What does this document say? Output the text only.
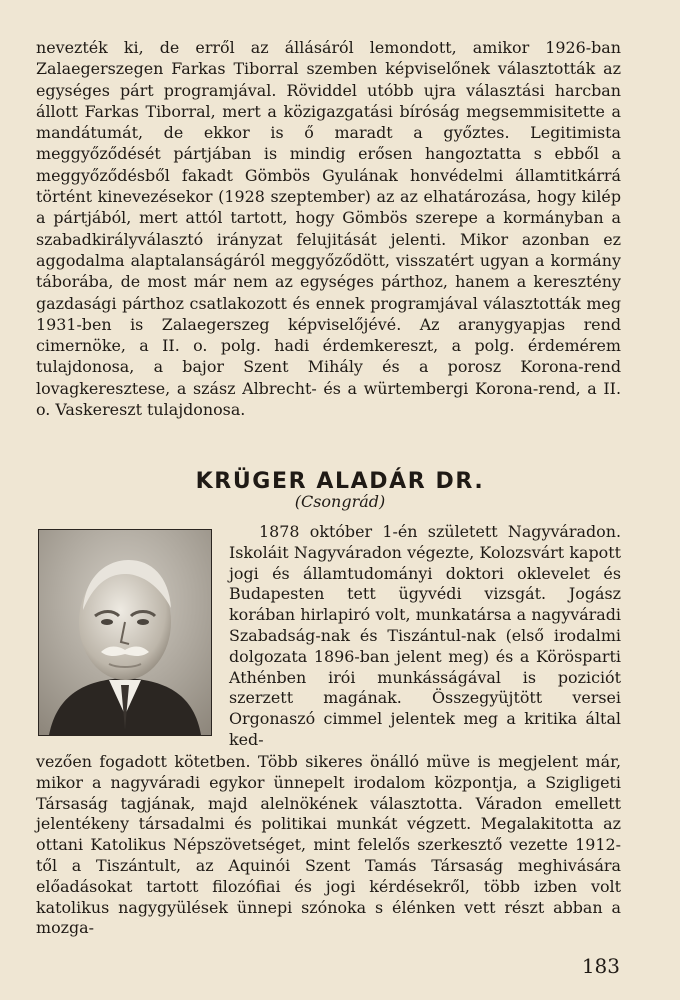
nevezték ki, de erről az állásáról lemondott, amikor 1926-ban Zalaegerszegen Farkas Tiborral szemben képviselőnek választották az egységes párt programjával. Röviddel utóbb ujra választási harcban állott Farkas Tiborral, mert a közigazgatási bíróság megsemmisitette a mandátumát, de ekkor is ő maradt a győztes. Legitimista meggyőződését pártjában is mindig erősen hangoztatta s ebből a meggyőződésből fakadt Gömbös Gyulának honvédelmi államtitkárrá történt kinevezésekor (1928 szeptember) az az elhatározása, hogy kilép a pártjából, mert attól tartott, hogy Gömbös szerepe a kormányban a szabadkirályválasztó irányzat felujitását jelenti. Mikor azonban ez aggodalma alaptalanságáról meggyőződött, visszatért ugyan a kormány táborába, de most már nem az egységes párthoz, hanem a keresztény gazdasági párthoz csatlakozott és ennek programjával választották meg 1931-ben is Zalaegerszeg képviselőjévé. Az aranygyapjas rend cimernöke, a II. o. polg. hadi érdemkereszt, a polg. érdemérem tulajdonosa, a bajor Szent Mihály és a porosz Korona-rend lovagkeresztese, a szász Albrecht- és a würtembergi Korona-rend, a II. o. Vaskereszt tulajdonosa.
KRÜGER ALADÁR DR.
(Csongrád)

1878 október 1-én született Nagyváradon. Iskoláit Nagyváradon végezte, Kolozsvárt kapott jogi és államtudományi doktori oklevelet és Budapesten tett ügyvédi vizsgát. Jogász korában hirlapiró volt, munkatársa a nagyváradi Szabadság-nak és Tiszántul-nak (első irodalmi dolgozata 1896-ban jelent meg) és a Körösparti Athénben irói munkásságával is poziciót szerzett magának. Összegyüjtött versei Orgonaszó cimmel jelentek meg a kritika által ked-

vezően fogadott kötetben. Több sikeres önálló müve is megjelent már, mikor a nagyváradi egykor ünnepelt irodalom központja, a Szigligeti Társaság tagjának, majd alelnökének választotta. Váradon emellett jelentékeny társadalmi és politikai munkát végzett. Megalakitotta az ottani Katolikus Népszövetséget, mint felelős szerkesztő vezette 1912-től a Tiszántult, az Aquinói Szent Tamás Társaság meghivására előadásokat tartott filozófiai és jogi kérdésekről, több izben volt katolikus nagygyülések ünnepi szónoka s élénken vett részt abban a mozga-

183
